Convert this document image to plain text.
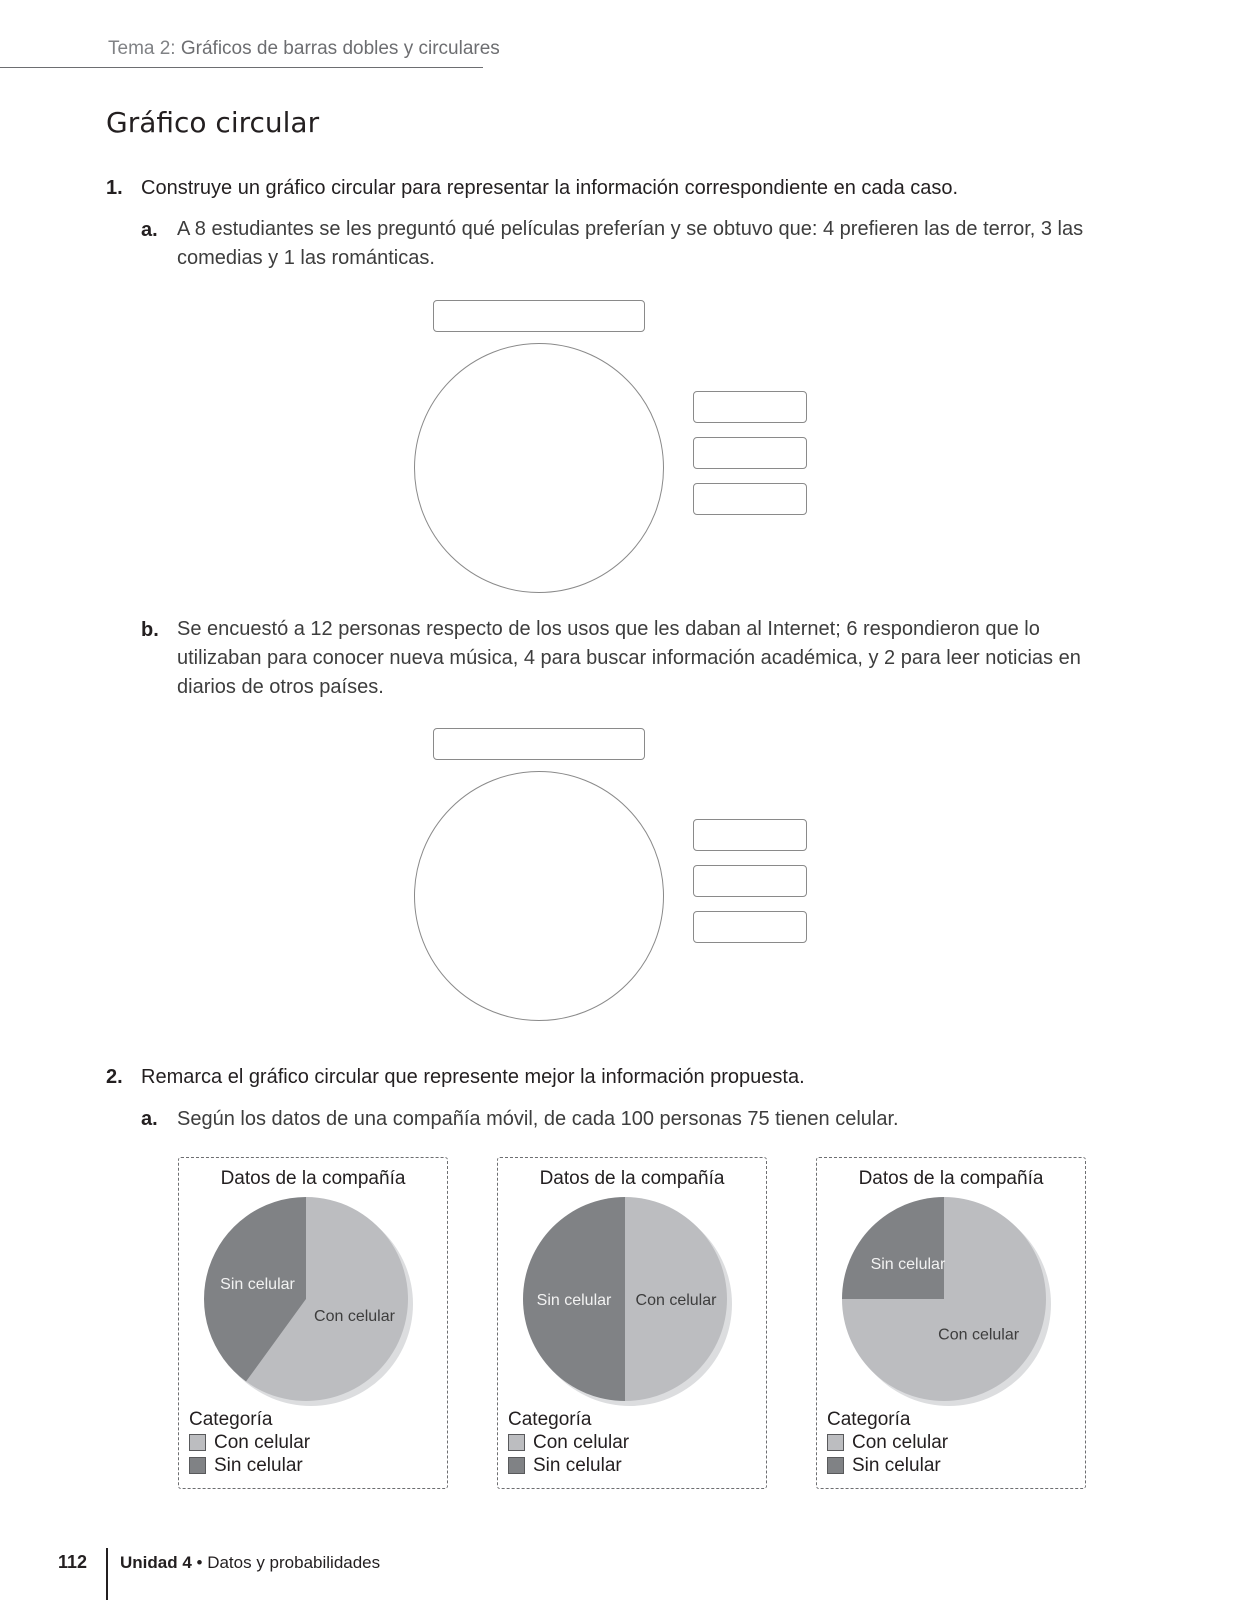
Tema 2: Gráficos de barras dobles y circulares
Gráfico circular
1. Construye un gráfico circular para representar la información correspondiente en cada caso.
a. A 8 estudiantes se les preguntó qué películas preferían y se obtuvo que: 4 prefieren las de terror, 3 las comedias y 1 las románticas.
b. Se encuestó a 12 personas respecto de los usos que les daban al Internet; 6 respondieron que lo utilizaban para conocer nueva música, 4 para buscar información académica, y 2 para leer noticias en diarios de otros países.
2. Remarca el gráfico circular que represente mejor la información propuesta.
a. Según los datos de una compañía móvil, de cada 100 personas 75 tienen celular.
Datos de la compañía
Con celular
Sin celular
Categoría
Con celular
Sin celular
Datos de la compañía
Con celular
Sin celular
Categoría
Con celular
Sin celular
Datos de la compañía
Con celular
Sin celular
Categoría
Con celular
Sin celular
112 Unidad 4 • Datos y probabilidades
